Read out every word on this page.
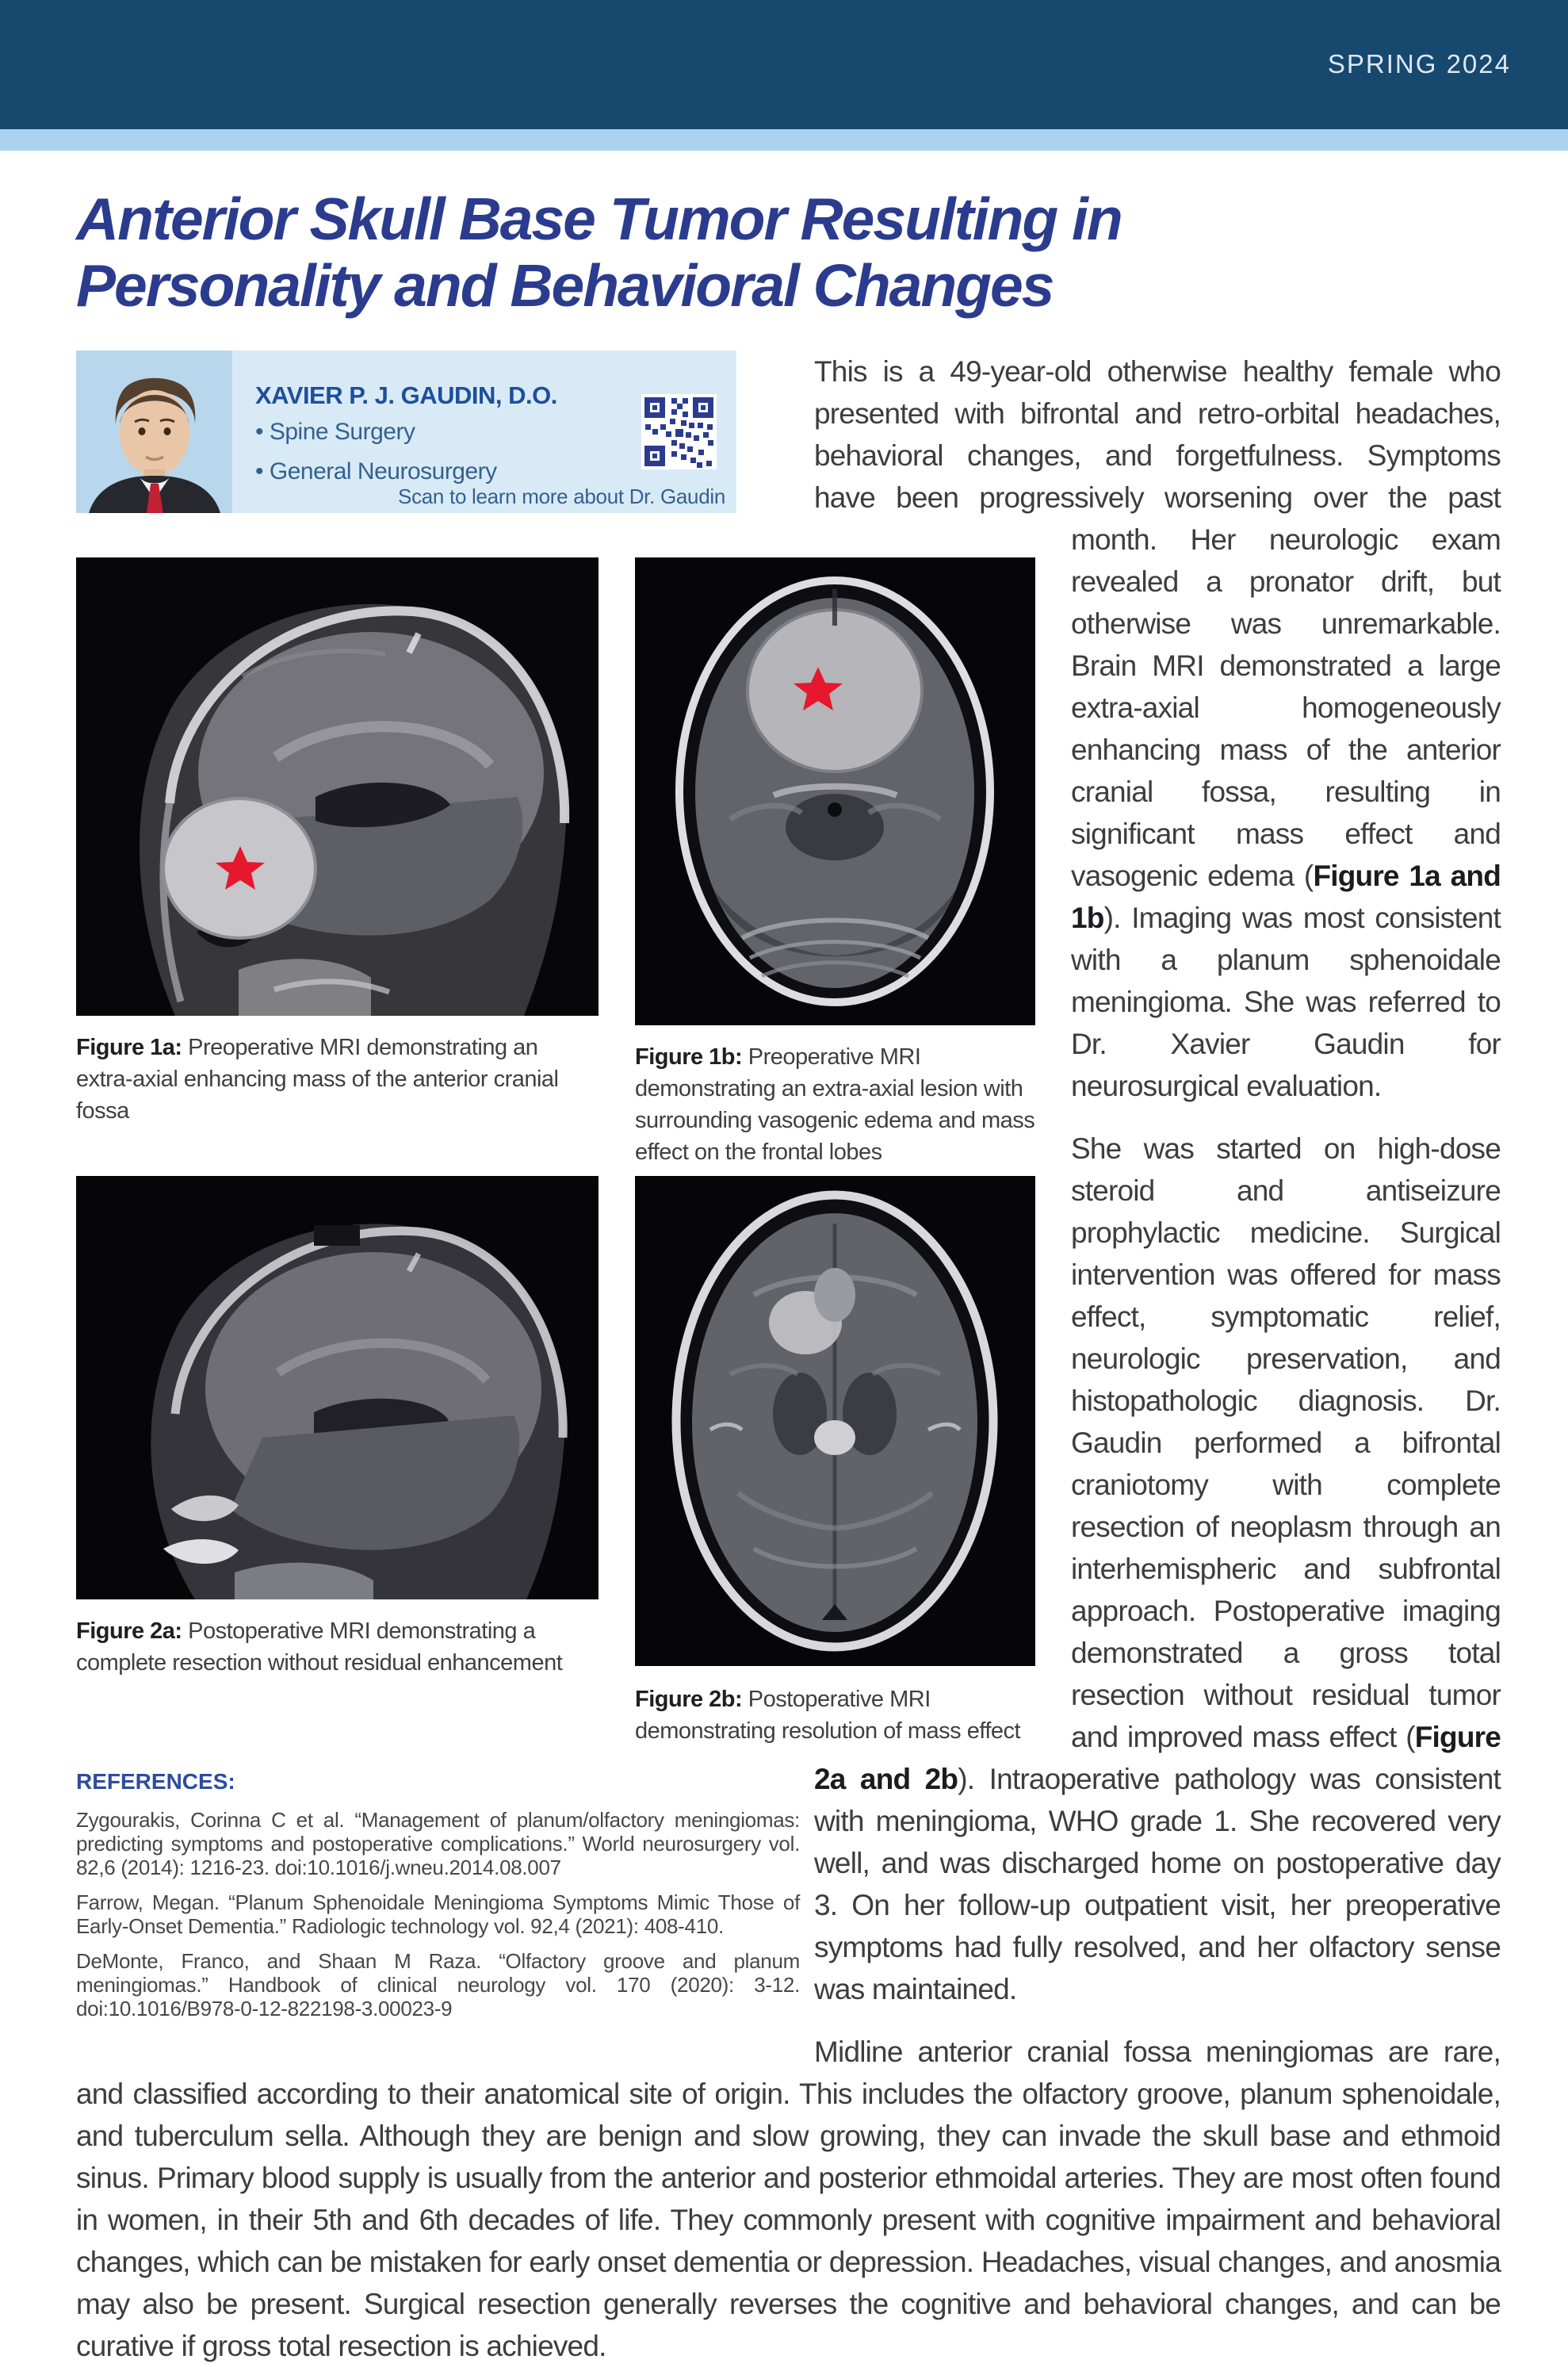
SPRING 2024
Anterior Skull Base Tumor Resulting in Personality and Behavioral Changes
XAVIER P. J. GAUDIN, D.O.
• Spine Surgery
• General Neurosurgery
Scan to learn more about Dr. Gaudin
Figure 1a: Preoperative MRI demonstrating an extra-axial enhancing mass of the anterior cranial fossa
Figure 1b: Preoperative MRI demonstrating an extra-axial lesion with surrounding vasogenic edema and mass effect on the frontal lobes
Figure 2a: Postoperative MRI demonstrating a complete resection without residual enhancement
Figure 2b: Postoperative MRI demonstrating resolution of mass effect
REFERENCES:

Zygourakis, Corinna C et al. “Management of planum/olfactory meningiomas: predicting symptoms and postoperative complications.” World neurosurgery vol. 82,6 (2014): 1216-23. doi:10.1016/j.wneu.2014.08.007

Farrow, Megan. “Planum Sphenoidale Meningioma Symptoms Mimic Those of Early-Onset Dementia.” Radiologic technology vol. 92,4 (2021): 408-410.

DeMonte, Franco, and Shaan M Raza. “Olfactory groove and planum meningiomas.” Handbook of clinical neurology vol. 170 (2020): 3-12. doi:10.1016/B978-0-12-822198-3.00023-9

This is a 49-year-old otherwise healthy female who presented with bifrontal and retro-orbital headaches, behavioral changes, and forgetfulness. Symptoms have been progressively worsening over the past month. Her neurologic exam revealed a pronator drift, but otherwise was unremarkable. Brain MRI demonstrated a large extra-axial homogeneously enhancing mass of the anterior cranial fossa, resulting in significant mass effect and vasogenic edema (Figure 1a and 1b). Imaging was most consistent with a planum sphenoidale meningioma. She was referred to Dr. Xavier Gaudin for neurosurgical evaluation.

She was started on high-dose steroid and antiseizure prophylactic medicine. Surgical intervention was offered for mass effect, symptomatic relief, neurologic preservation, and histopathologic diagnosis. Dr. Gaudin performed a bifrontal craniotomy with complete resection of neoplasm through an interhemispheric and subfrontal approach. Postoperative imaging demonstrated a gross total resection without residual tumor and improved mass effect (Figure 2a and 2b). Intraoperative pathology was consistent with meningioma, WHO grade 1. She recovered very well, and was discharged home on postoperative day 3. On her follow-up outpatient visit, her preoperative symptoms had fully resolved, and her olfactory sense was maintained.

Midline anterior cranial fossa meningiomas are rare, and classified according to their anatomical site of origin. This includes the olfactory groove, planum sphenoidale, and tuberculum sella. Although they are benign and slow growing, they can invade the skull base and ethmoid sinus. Primary blood supply is usually from the anterior and posterior ethmoidal arteries. They are most often found in women, in their 5th and 6th decades of life. They commonly present with cognitive impairment and behavioral changes, which can be mistaken for early onset dementia or depression. Headaches, visual changes, and anosmia may also be present. Surgical resection generally reverses the cognitive and behavioral changes, and can be curative if gross total resection is achieved.
